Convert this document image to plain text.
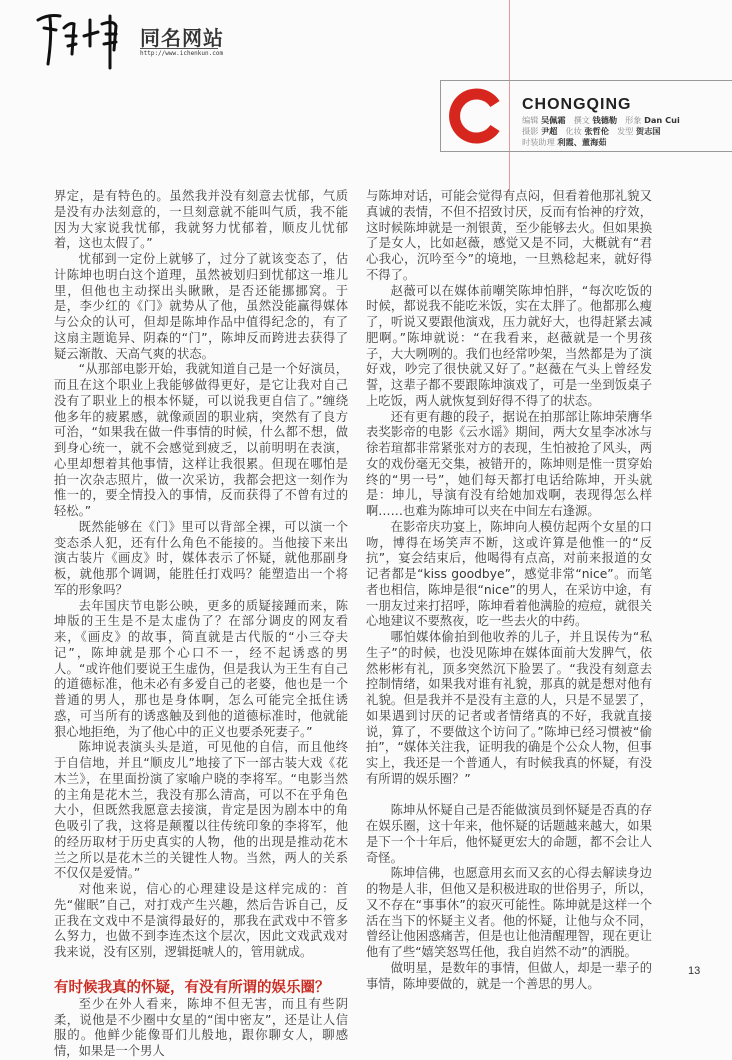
同名网站
http://www.ichenkun.com
CHONGQING
编辑 吴佩霜 撰文 钱德勒 形象 Dan Cui
摄影 尹超 化妆 张哲伦 发型 贺志国
时装助理 利霞、董海茹

界定，是有特色的。虽然我并没有刻意去忧郁，气质是没有办法刻意的，一旦刻意就不能叫气质，我不能因为大家说我忧郁，我就努力忧郁着，顺皮儿忧郁着，这也太假了。”

忧郁到一定份上就够了，过分了就该变态了，估计陈坤也明白这个道理，虽然被划归到忧郁这一堆儿里，但他也主动探出头瞅瞅，是否还能挪挪窝。于是，李少红的《门》就势从了他，虽然没能赢得媒体与公众的认可，但却是陈坤作品中值得纪念的，有了这扇主题诡异、阴森的“门”，陈坤反而跨进去获得了疑云渐散、天高气爽的状态。

“从那部电影开始，我就知道自己是一个好演员，而且在这个职业上我能够做得更好，是它让我对自己没有了职业上的根本怀疑，可以说我更自信了。”缠绕他多年的疲累感，就像顽固的职业病，突然有了良方可治，“如果我在做一件事情的时候，什么都不想，做到身心统一，就不会感觉到疲乏，以前明明在表演，心里却想着其他事情，这样让我很累。但现在哪怕是拍一次杂志照片，做一次采访，我都会把这一刻作为惟一的，要全情投入的事情，反而获得了不曾有过的轻松。”

既然能够在《门》里可以背部全裸，可以演一个变态杀人犯，还有什么角色不能接的。当他接下来出演古装片《画皮》时，媒体表示了怀疑，就他那副身板，就他那个调调，能胜任打戏吗？能塑造出一个将军的形象吗？

去年国庆节电影公映，更多的质疑接踵而来，陈坤版的王生是不是太虚伪了？在部分调皮的网友看来，《画皮》的故事，简直就是古代版的“小三夺夫记”，陈坤就是那个心口不一，经不起诱惑的男人。“或许他们要说王生虚伪，但是我认为王生有自己的道德标准，他未必有多爱自己的老婆，他也是一个普通的男人，那也是身体啊，怎么可能完全抵住诱惑，可当所有的诱惑触及到他的道德标准时，他就能狠心地拒绝，为了他心中的正义也要杀死妻子。”

陈坤说表演头头是道，可见他的自信，而且他终于自信地，并且“顺皮儿”地接了下一部古装大戏《花木兰》，在里面扮演了家喻户晓的李将军。“电影当然的主角是花木兰，我没有那么清高，可以不在乎角色大小，但既然我愿意去接演，肯定是因为剧本中的角色吸引了我，这将是颠覆以往传统印象的李将军，他的经历取材于历史真实的人物，他的出现是推动花木兰之所以是花木兰的关键性人物。当然，两人的关系不仅仅是爱情。”

对他来说，信心的心理建设是这样完成的：首先“催眠”自己，对打戏产生兴趣，然后告诉自己，反正我在文戏中不是演得最好的，那我在武戏中不管多么努力，也做不到李连杰这个层次，因此文戏武戏对我来说，没有区别，逻辑挺唬人的，管用就成。

有时候我真的怀疑，有没有所谓的娱乐圈？

至少在外人看来，陈坤不但无害，而且有些阴柔，说他是不少圈中女星的“闺中密友”，还是让人信服的。他鲜少能像哥们儿般地，跟你聊女人，聊感情，如果是一个男人

与陈坤对话，可能会觉得有点闷，但看着他那礼貌又真诚的表情，不但不招致讨厌，反而有怡神的疗效，这时候陈坤就是一剂银黄，至少能够去火。但如果换了是女人，比如赵薇，感觉又是不同，大概就有“君心我心，沉吟至今”的境地，一旦熟稔起来，就好得不得了。

赵薇可以在媒体前嘲笑陈坤怕胖，“每次吃饭的时候，都说我不能吃米饭，实在太胖了。他都那么瘦了，听说又要跟他演戏，压力就好大，也得赶紧去减肥啊。”陈坤就说：“在我看来，赵薇就是一个男孩子，大大咧咧的。我们也经常吵架，当然都是为了演好戏，吵完了很快就又好了。”赵薇在气头上曾经发誓，这辈子都不要跟陈坤演戏了，可是一坐到饭桌子上吃饭，两人就恢复到好得不得了的状态。

还有更有趣的段子，据说在拍那部让陈坤荣膺华表奖影帝的电影《云水谣》期间，两大女星李冰冰与徐若瑄都非常紧张对方的表现，生怕被抢了风头，两女的戏份毫无交集，被错开的，陈坤则是惟一贯穿始终的“男一号”，她们每天都打电话给陈坤，开头就是：坤儿，导演有没有给她加戏啊，表现得怎么样啊……也难为陈坤可以夹在中间左右逢源。

在影帝庆功宴上，陈坤向人模仿起两个女星的口吻，博得在场笑声不断，这或许算是他惟一的“反抗”，宴会结束后，他喝得有点高，对前来报道的女记者都是“kiss goodbye”，感觉非常“nice”。而笔者也相信，陈坤是很“nice”的男人，在采访中途，有一朋友过来打招呼，陈坤看着他满脸的痘痘，就很关心地建议不要熬夜，吃一些去火的中药。

哪怕媒体偷拍到他收养的儿子，并且误传为“私生子”的时候，也没见陈坤在媒体面前大发脾气，依然彬彬有礼，顶多突然沉下脸罢了。“我没有刻意去控制情绪，如果我对谁有礼貌，那真的就是想对他有礼貌。但是我并不是没有主意的人，只是不显罢了，如果遇到讨厌的记者或者情绪真的不好，我就直接说，算了，不要做这个访问了。”陈坤已经习惯被“偷拍”，“媒体关注我，证明我的确是个公众人物，但事实上，我还是一个普通人，有时候我真的怀疑，有没有所谓的娱乐圈？”

陈坤从怀疑自己是否能做演员到怀疑是否真的存在娱乐圈，这十年来，他怀疑的话题越来越大，如果是下一个十年后，他怀疑更宏大的命题，都不会让人奇怪。

陈坤信佛，也愿意用玄而又玄的心得去解读身边的物是人非，但他又是积极进取的世俗男子，所以，又不存在“事事休”的寂灭可能性。陈坤就是这样一个活在当下的怀疑主义者。他的怀疑，让他与众不同，曾经让他困惑痛苦，但是也让他清醒理智，现在更让他有了些“嬉笑怒骂任他，我自岿然不动”的洒脱。

做明星，是数年的事情，但做人，却是一辈子的事情，陈坤要做的，就是一个善思的男人。

13
